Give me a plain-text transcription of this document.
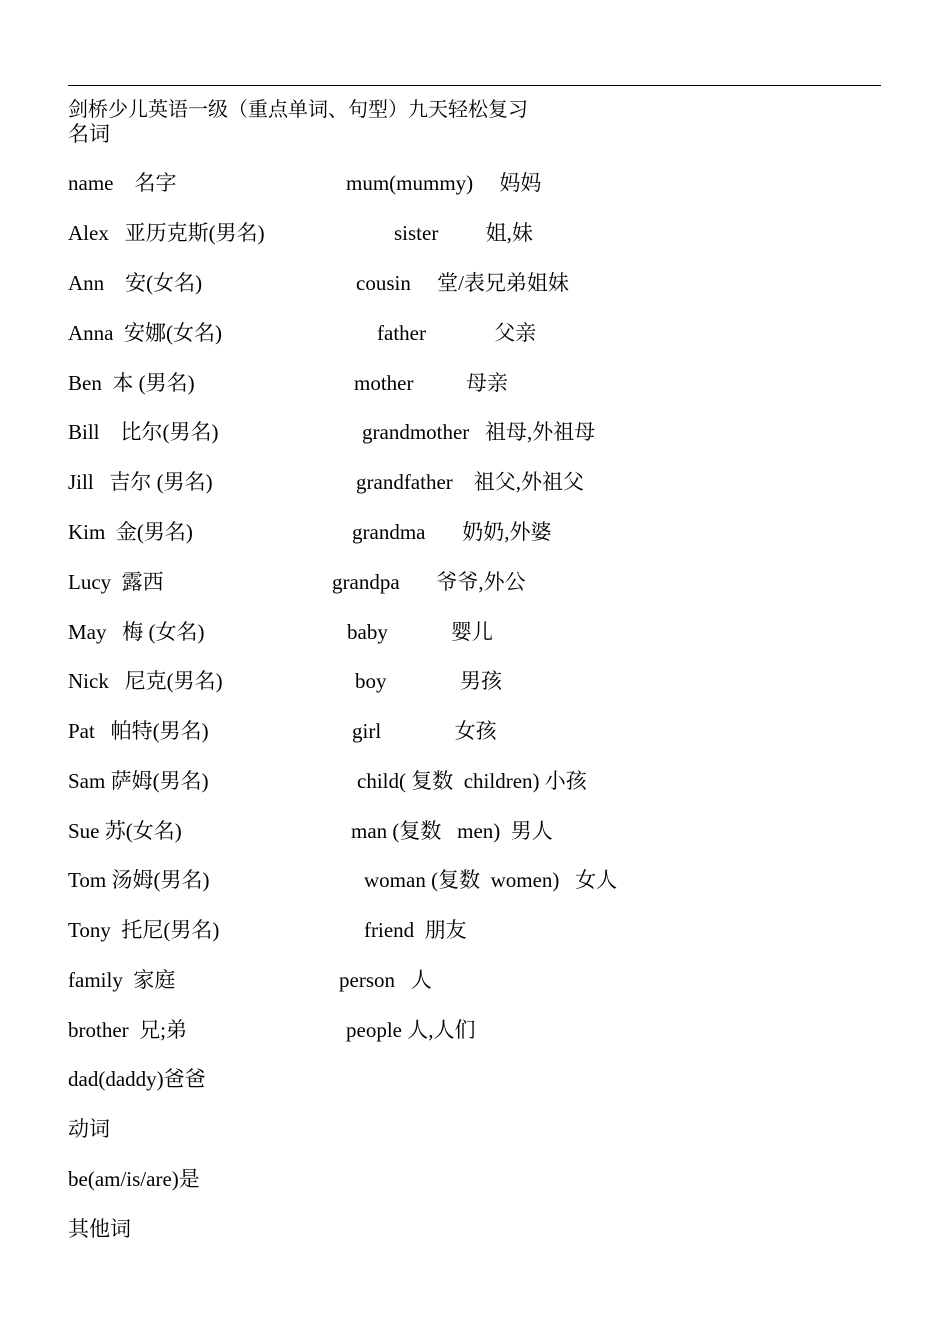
剑桥少儿英语一级（重点单词、句型）九天轻松复习
名词
name    名字	mum(mummy)     妈妈
Alex   亚历克斯(男名)	sister         姐,妹
Ann    安(女名)	cousin     堂/表兄弟姐妹
Anna  安娜(女名)	father             父亲
Ben  本 (男名)	mother          母亲
Bill    比尔(男名)	grandmother   祖母,外祖母
Jill   吉尔 (男名)	grandfather    祖父,外祖父
Kim  金(男名)	grandma       奶奶,外婆
Lucy  露西	grandpa       爷爷,外公
May   梅 (女名)	baby            婴儿
Nick   尼克(男名)	boy              男孩
Pat   帕特(男名)	girl              女孩
Sam 萨姆(男名)	child( 复数  children) 小孩
Sue 苏(女名)	man (复数   men)  男人
Tom 汤姆(男名)	woman (复数  women)   女人
Tony  托尼(男名)	friend  朋友
family  家庭	person   人
brother  兄;弟	people 人,人们
dad(daddy)爸爸
动词
be(am/is/are)是
其他词
